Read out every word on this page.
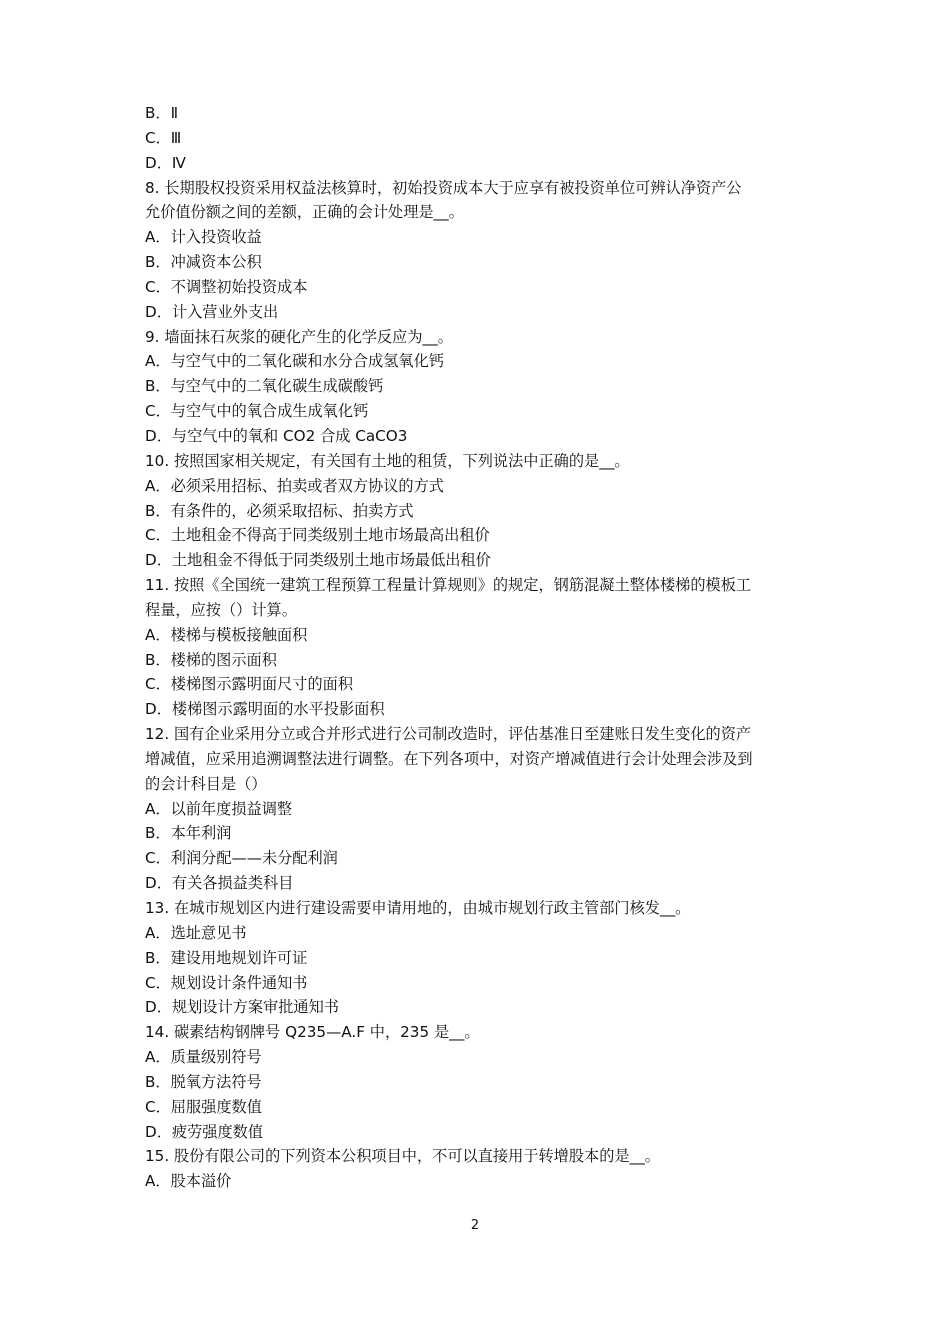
B．Ⅱ
C．Ⅲ
D．Ⅳ
8. 长期股权投资采用权益法核算时，初始投资成本大于应享有被投资单位可辨认净资产公
允价值份额之间的差额，正确的会计处理是__。
A．计入投资收益
B．冲减资本公积
C．不调整初始投资成本
D．计入营业外支出
9. 墙面抹石灰浆的硬化产生的化学反应为__。
A．与空气中的二氧化碳和水分合成氢氧化钙
B．与空气中的二氧化碳生成碳酸钙
C．与空气中的氧合成生成氧化钙
D．与空气中的氧和 CO2 合成 CaCO3
10. 按照国家相关规定，有关国有土地的租赁，下列说法中正确的是__。
A．必须采用招标、拍卖或者双方协议的方式
B．有条件的，必须采取招标、拍卖方式
C．土地租金不得高于同类级别土地市场最高出租价
D．土地租金不得低于同类级别土地市场最低出租价
11. 按照《全国统一建筑工程预算工程量计算规则》的规定，钢筋混凝土整体楼梯的模板工
程量，应按（）计算。
A．楼梯与模板接触面积
B．楼梯的图示面积
C．楼梯图示露明面尺寸的面积
D．楼梯图示露明面的水平投影面积
12. 国有企业采用分立或合并形式进行公司制改造时，评估基准日至建账日发生变化的资产
增减值，应采用追溯调整法进行调整。在下列各项中，对资产增减值进行会计处理会涉及到
的会计科目是（）
A．以前年度损益调整
B．本年利润
C．利润分配——未分配利润
D．有关各损益类科目
13. 在城市规划区内进行建设需要申请用地的，由城市规划行政主管部门核发__。
A．选址意见书
B．建设用地规划许可证
C．规划设计条件通知书
D．规划设计方案审批通知书
14. 碳素结构钢牌号 Q235—A.F 中，235 是__。
A．质量级别符号
B．脱氧方法符号
C．屈服强度数值
D．疲劳强度数值
15. 股份有限公司的下列资本公积项目中，不可以直接用于转增股本的是__。
A．股本溢价
2
